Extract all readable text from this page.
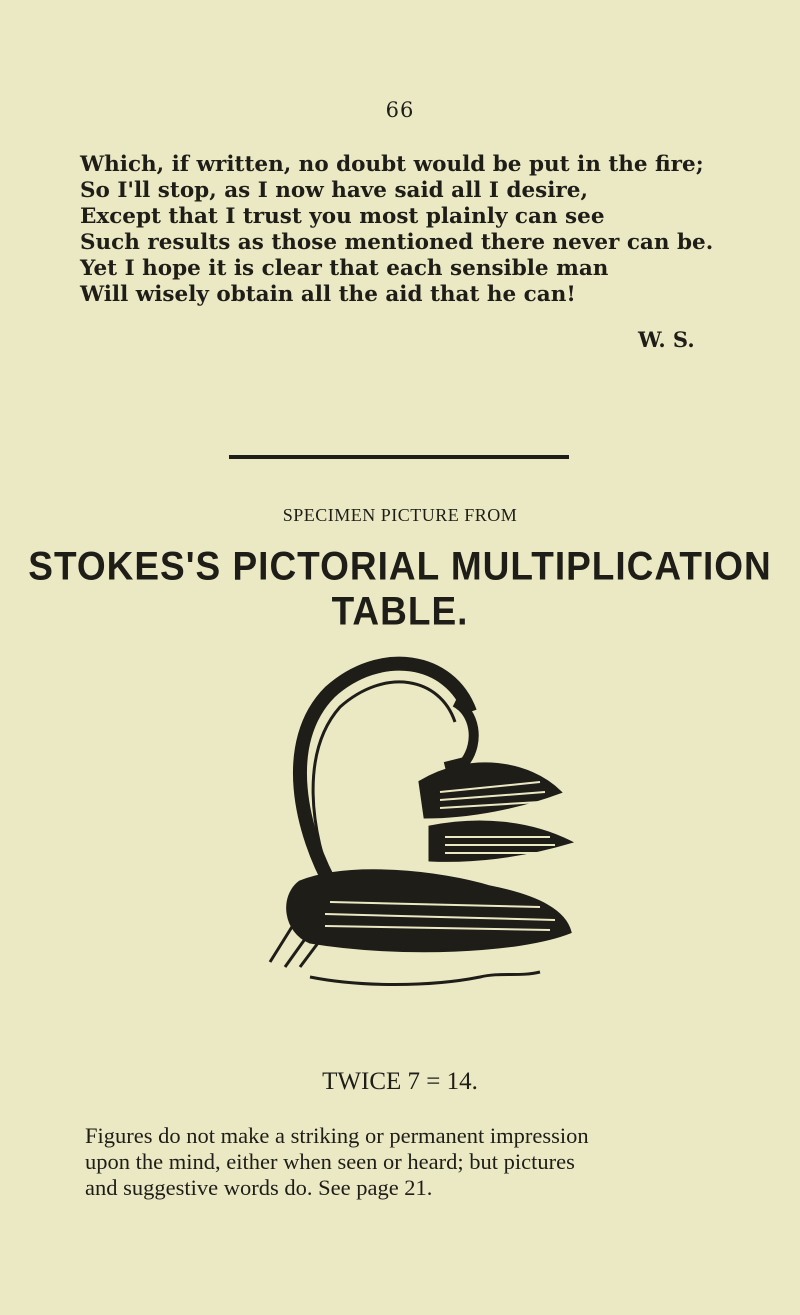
66
Which, if written, no doubt would be put in the fire;
So I'll stop, as I now have said all I desire,
Except that I trust you most plainly can see
Such results as those mentioned there never can be.
Yet I hope it is clear that each sensible man
Will wisely obtain all the aid that he can!
W. S.
SPECIMEN PICTURE FROM
STOKES'S PICTORIAL MULTIPLICATION TABLE.
TWICE 7 = 14.
Figures do not make a striking or permanent impression
upon the mind, either when seen or heard; but pictures
and suggestive words do. See page 21.
